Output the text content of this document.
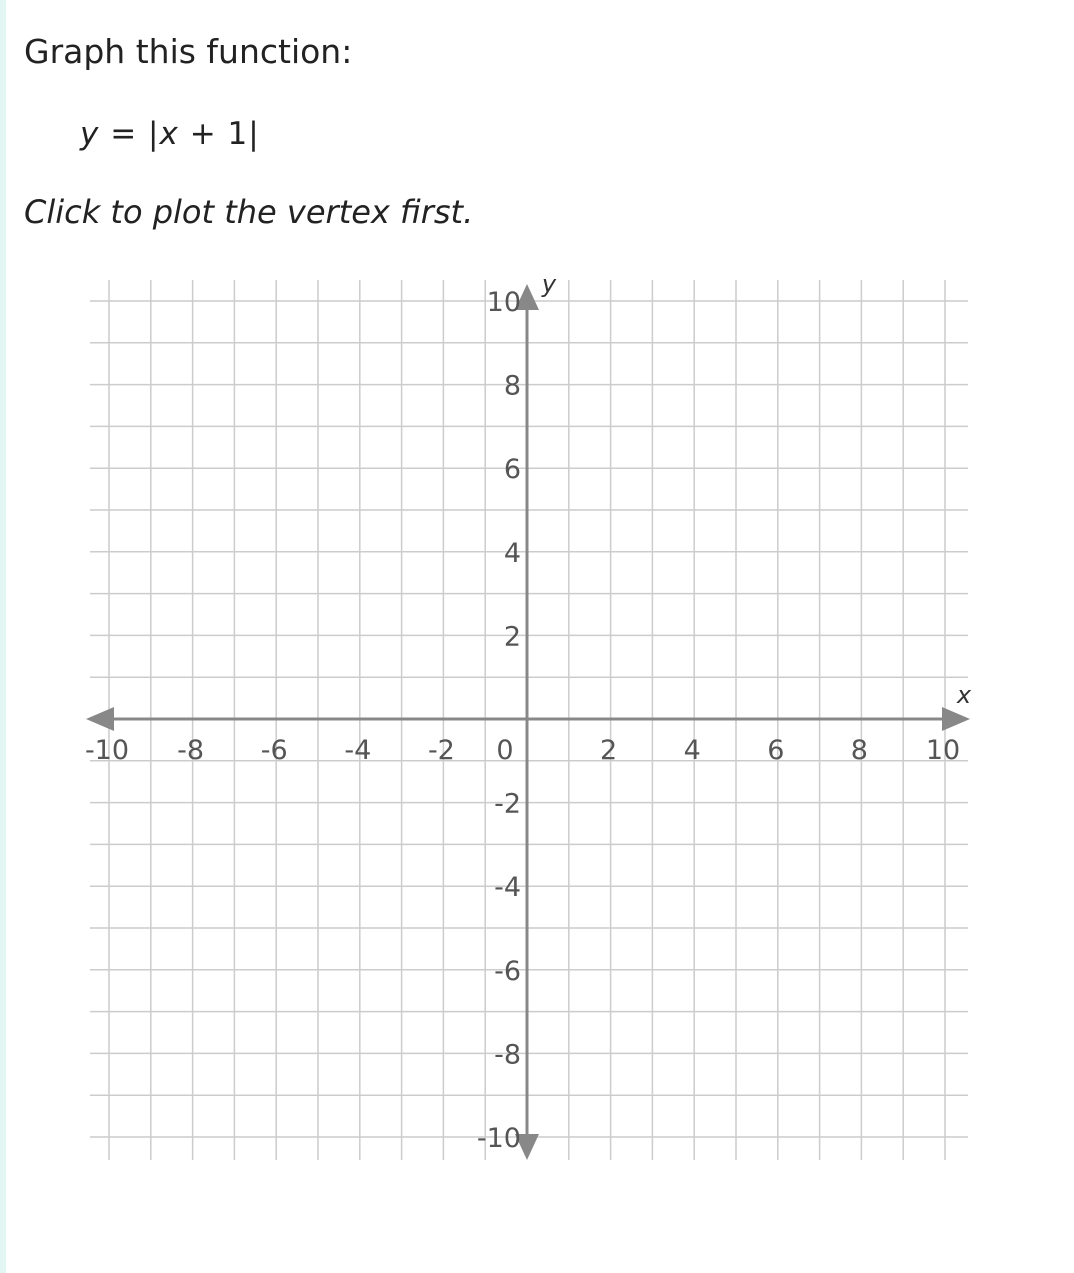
Graph this function:
y = |x + 1|
Click to plot the vertex first.
-10 -8 -6 -4 -2 0	2 4 6 8 10
10
8
6
4
2
-2
-4
-6
-8
-10
x
y
